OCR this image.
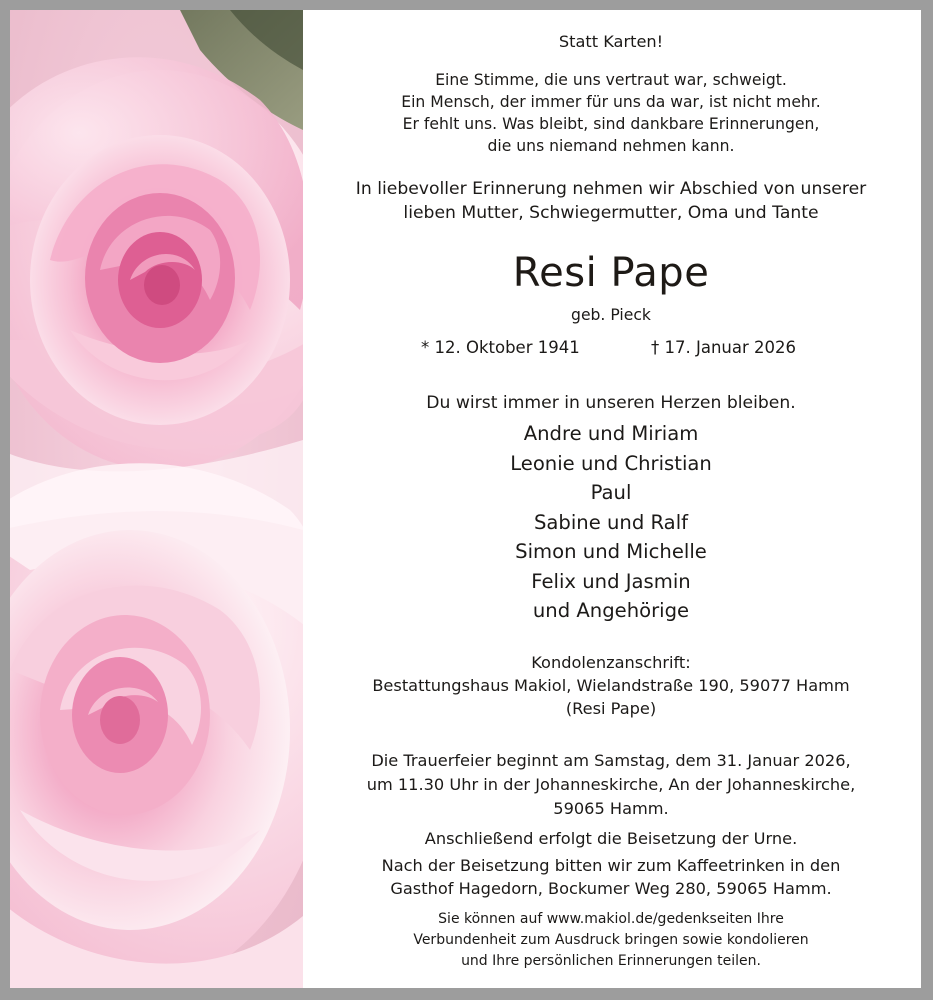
Statt Karten!
Eine Stimme, die uns vertraut war, schweigt.
Ein Mensch, der immer für uns da war, ist nicht mehr.
Er fehlt uns. Was bleibt, sind dankbare Erinnerungen,
die uns niemand nehmen kann.
In liebevoller Erinnerung nehmen wir Abschied von unserer
lieben Mutter, Schwiegermutter, Oma und Tante
Resi Pape
geb. Pieck
* 12. Oktober 1941	† 17. Januar 2026
Du wirst immer in unseren Herzen bleiben.
Andre und Miriam
Leonie und Christian
Paul
Sabine und Ralf
Simon und Michelle
Felix und Jasmin
und Angehörige
Kondolenzanschrift:
Bestattungshaus Makiol, Wielandstraße 190, 59077 Hamm
(Resi Pape)
Die Trauerfeier beginnt am Samstag, dem 31. Januar 2026,
um 11.30 Uhr in der Johanneskirche, An der Johanneskirche,
59065 Hamm.
Anschließend erfolgt die Beisetzung der Urne.
Nach der Beisetzung bitten wir zum Kaffeetrinken in den
Gasthof Hagedorn, Bockumer Weg 280, 59065 Hamm.
Sie können auf www.makiol.de/gedenkseiten Ihre
Verbundenheit zum Ausdruck bringen sowie kondolieren
und Ihre persönlichen Erinnerungen teilen.
